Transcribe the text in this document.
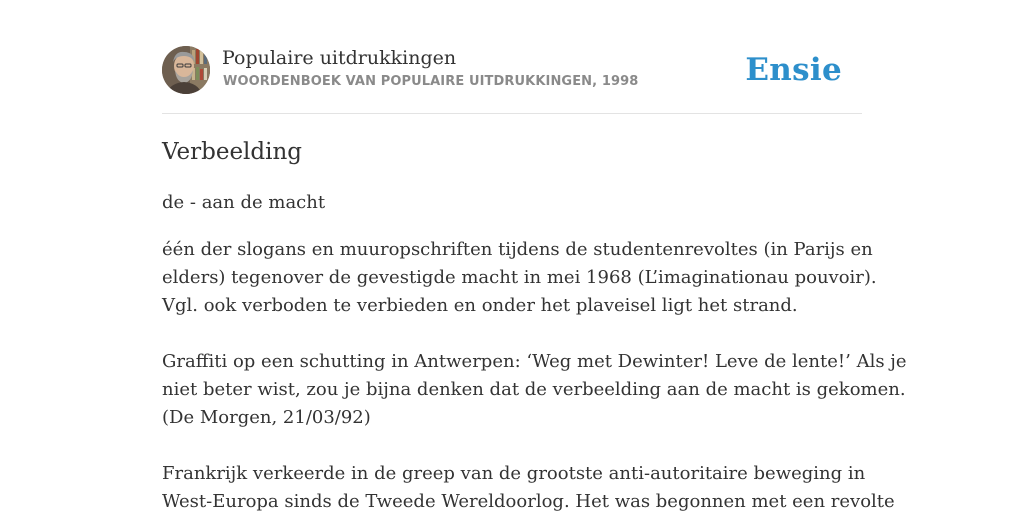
Populaire uitdrukkingen
WOORDENBOEK VAN POPULAIRE UITDRUKKINGEN, 1998	Ensie
Verbeelding
de - aan de macht

één der slogans en muuropschriften tijdens de studentenrevoltes (in Parijs en
elders) tegenover de gevestigde macht in mei 1968 (L’imaginationau pouvoir).
Vgl. ook verboden te verbieden en onder het plaveisel ligt het strand.

Graffiti op een schutting in Antwerpen: ‘Weg met Dewinter! Leve de lente!’ Als je
niet beter wist, zou je bijna denken dat de verbeelding aan de macht is gekomen.
(De Morgen, 21/03/92)

Frankrijk verkeerde in de greep van de grootste anti-autoritaire beweging in
West-Europa sinds de Tweede Wereldoorlog. Het was begonnen met een revolte
